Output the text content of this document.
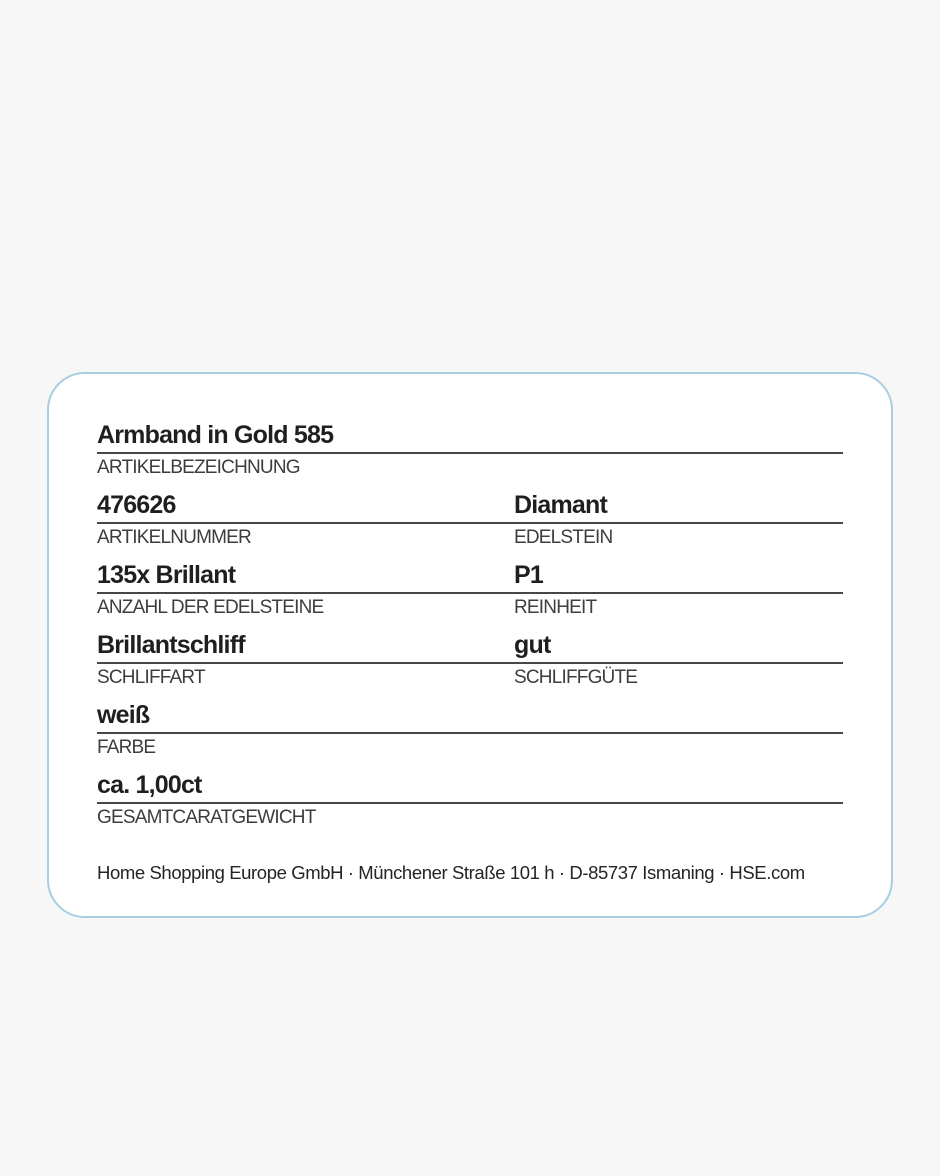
Armband in Gold 585
ARTIKELBEZEICHNUNG
476626	Diamant
ARTIKELNUMMER	EDELSTEIN
135x Brillant	P1
ANZAHL DER EDELSTEINE	REINHEIT
Brillantschliff	gut
SCHLIFFART	SCHLIFFGÜTE
weiß
FARBE
ca. 1,00ct
GESAMTCARATGEWICHT
Home Shopping Europe GmbH · Münchener Straße 101 h · D-85737 Ismaning · HSE.com
